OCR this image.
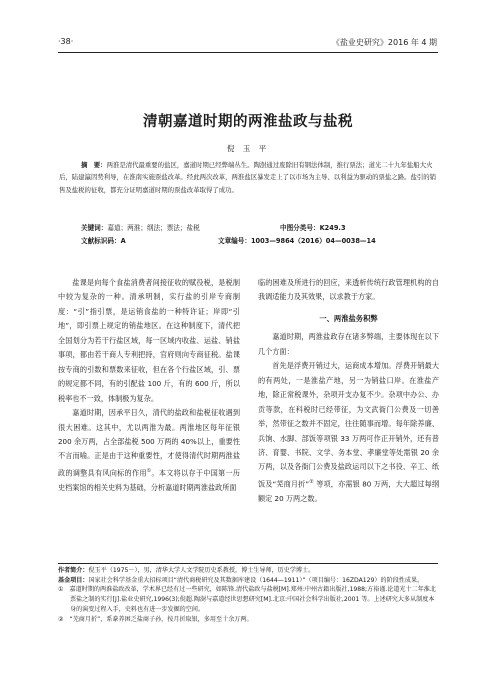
·38·	《盐业史研究》2016 年 4 期
清朝嘉道时期的两淮盐政与盐税
倪 玉 平
摘　要：两淮是清代最重要的盐区，嘉道时期已经弊端丛生。陶澍通过废除旧有钢法体制，推行票法；道光二十九年盐船大火后，陆建瀛因势利导，在淮南实施票盐改革。经此两次改革，两淮盐区暴发走上了以市场为主导、以利益为驱动的票盐之路。盐引的销售及盐税的征收，都充分证明嘉道时期的票盐改革取得了成功。
关键词：嘉道；两淮；纲法；票法；盐税	中图分类号：K249.3
文献标识码：A	文章编号：1003—9864（2016）04—0038—14

盐课是向每个食盐消费者间接征收的赋役税，是税制中较为复杂的一种。清承明制，实行盐的引岸专商制度：“引”指引票，是运销食盐的一种特许证；岸即“引地”，即引票上规定的销盐地区。在这种制度下，清代把全国划分为若干行盐区域，每一区域内收盐、运盐、销盐事项，都由若干商人专利把持，官府则向专商征税。盐课按专商的引数和票数来征收，但在各个行盐区域，引、票的规定都不同，有的引配盐 100 斤，有的 600 斤，所以税率也不一致，体制极为复杂。

嘉道时期，因承平日久，清代的盐政和盐税征收遇到很大困难。这其中，尤以两淮为最。两淮地区每年征银 200 余万两，占全部盐税 500 万两的 40%以上，重要性不言而喻。正是由于这种重要性，才使得清代时期两淮盐政的调整具有风向标的作用①。本文将以存于中国第一历史档案馆的相关史料为基础，分析嘉道时期两淮盐政所面

临的困难及所进行的回应，来透析传统行政管理机构的自我调适能力及其效果，以求教于方家。

一、两淮盐务积弊

嘉道时期，两淮盐政存在诸多弊端，主要体现在以下几个方面：

首先是浮费开销过大，运商成本增加。浮费开销最大的有两处，一是淮盐产地，另一为销盐口岸。在淮盐产地，除正常税课外，杂项开支办复不少。杂项中办公、办贡等款，在科税时已经带征，为文武衙门公费及一切善举，然带征之数并不固定，往往随事而增。每年除养廉、兵饷、水脚、部饭等项银 33 万两可作正开销外，还有普济、育婴、书院、文学、务本堂、孝廉堂等处需银 20 余万两，以及各衙门公费及盐政运司以下之书役、辛工、纸饭及“芜商月折”② 等项，亦需银 80 万两，大大超过每纲额定 20 万两之数。

作者简介：倪玉平（1975－），男，清华大学人文学院历史系教授，博士生导师，历史学博士。

基金项目：国家社会科学基金重大招标项目“清代商税研究及其数据库建设（1644—1911）”（项目编号：16ZDA129）的阶段性成果。

①　嘉道时期的两淮盐政改革，学术界已经有过一些研究，如陈锋.清代盐政与盐税[M].郑州:中州古籍出版社,1988;方裕谨.论道光十二年淮北票盐之制的实行[J].盐业史研究,1996(3);倪超.陶澍与嘉道经世思想研究[M].北京:中国社会科学出版社,2001 等。上述研究大多从制度本身的演变过程入手，史料也有进一步发掘的空间。

②　“芜商月折”，系豢养困乏盐商子孙，按月折取银，多用至十余万两。
